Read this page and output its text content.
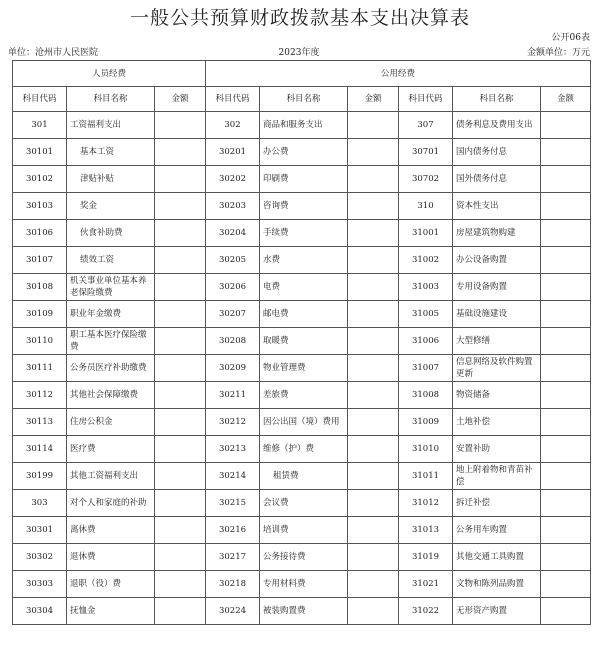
一般公共预算财政拨款基本支出决算表
公开06表
单位：沧州市人民医院	2023年度	金额单位：万元
人员经费			公用经费					
科目代码	科目名称	金额	科目代码	科目名称	金额	科目代码	科目名称	金额
301	工资福利支出		302	商品和服务支出		307	债务利息及费用支出	
30101	基本工资		30201	办公费		30701	国内债务付息	
30102	津贴补贴		30202	印刷费		30702	国外债务付息	
30103	奖金		30203	咨询费		310	资本性支出	
30106	伙食补助费		30204	手续费		31001	房屋建筑物购建	
30107	绩效工资		30205	水费		31002	办公设备购置	
30108	机关事业单位基本养老保险缴费		30206	电费		31003	专用设备购置	
30109	职业年金缴费		30207	邮电费		31005	基础设施建设	
30110	职工基本医疗保险缴费		30208	取暖费		31006	大型修缮	
30111	公务员医疗补助缴费		30209	物业管理费		31007	信息网络及软件购置更新	
30112	其他社会保障缴费		30211	差旅费		31008	物资储备	
30113	住房公积金		30212	因公出国（境）费用		31009	土地补偿	
30114	医疗费		30213	维修（护）费		31010	安置补助	
30199	其他工资福利支出		30214	租赁费		31011	地上附着物和青苗补偿	
303	对个人和家庭的补助		30215	会议费		31012	拆迁补偿	
30301	离休费		30216	培训费		31013	公务用车购置	
30302	退休费		30217	公务接待费		31019	其他交通工具购置	
30303	退职（役）费		30218	专用材料费		31021	文物和陈列品购置	
30304	抚恤金		30224	被装购置费		31022	无形资产购置	
